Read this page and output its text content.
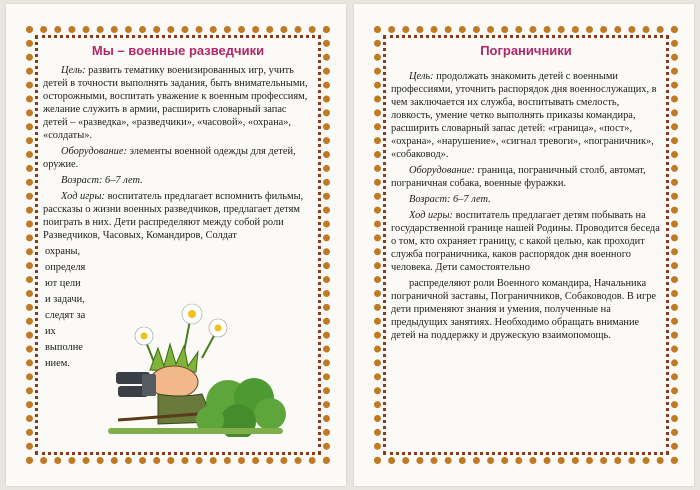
Мы – военные разведчики

Цель: развить тематику военизированных игр, учить детей в точности выполнять задания, быть внимательными, осторожными, воспитать уважение к военным профессиям, желание служить в армии, расширить словарный запас детей – «разведка», «разведчики», «часовой», «охрана», «солдаты».

Оборудование: элементы военной одежды для детей, оружие.

Возраст: 6–7 лет.

Ход игры: воспитатель предлагает вспомнить фильмы, рассказы о жизни военных разведчиков, предлагает детям поиграть в них. Дети распределяют между собой роли Разведчиков, Часовых, Командиров, Солдат

охраны,

определя

ют цели

и задачи,

следят за

их

выполне

нием.

Пограничники

Цель: продолжать знакомить детей с военными профессиями, уточнить распорядок дня военнослужащих, в чем заключается их служба, воспитывать смелость, ловкость, умение четко выполнять приказы командира, расширить словарный запас детей: «граница», «пост», «охрана», «нарушение», «сигнал тревоги», «пограничник», «собаковод».

Оборудование: граница, пограничный столб, автомат, пограничная собака, военные фуражки.

Возраст: 6–7 лет.

Ход игры: воспитатель предлагает детям побывать на государственной границе нашей Родины. Проводится беседа о том, кто охраняет границу, с какой целью, как проходит служба пограничника, каков распорядок дня военного человека. Дети самостоятельно

распределяют роли Военного командира, Начальника пограничной заставы, Пограничников, Собаководов. В игре дети применяют знания и умения, полученные на предыдущих занятиях. Необходимо обращать внимание детей на поддержку и дружескую взаимопомощь.
